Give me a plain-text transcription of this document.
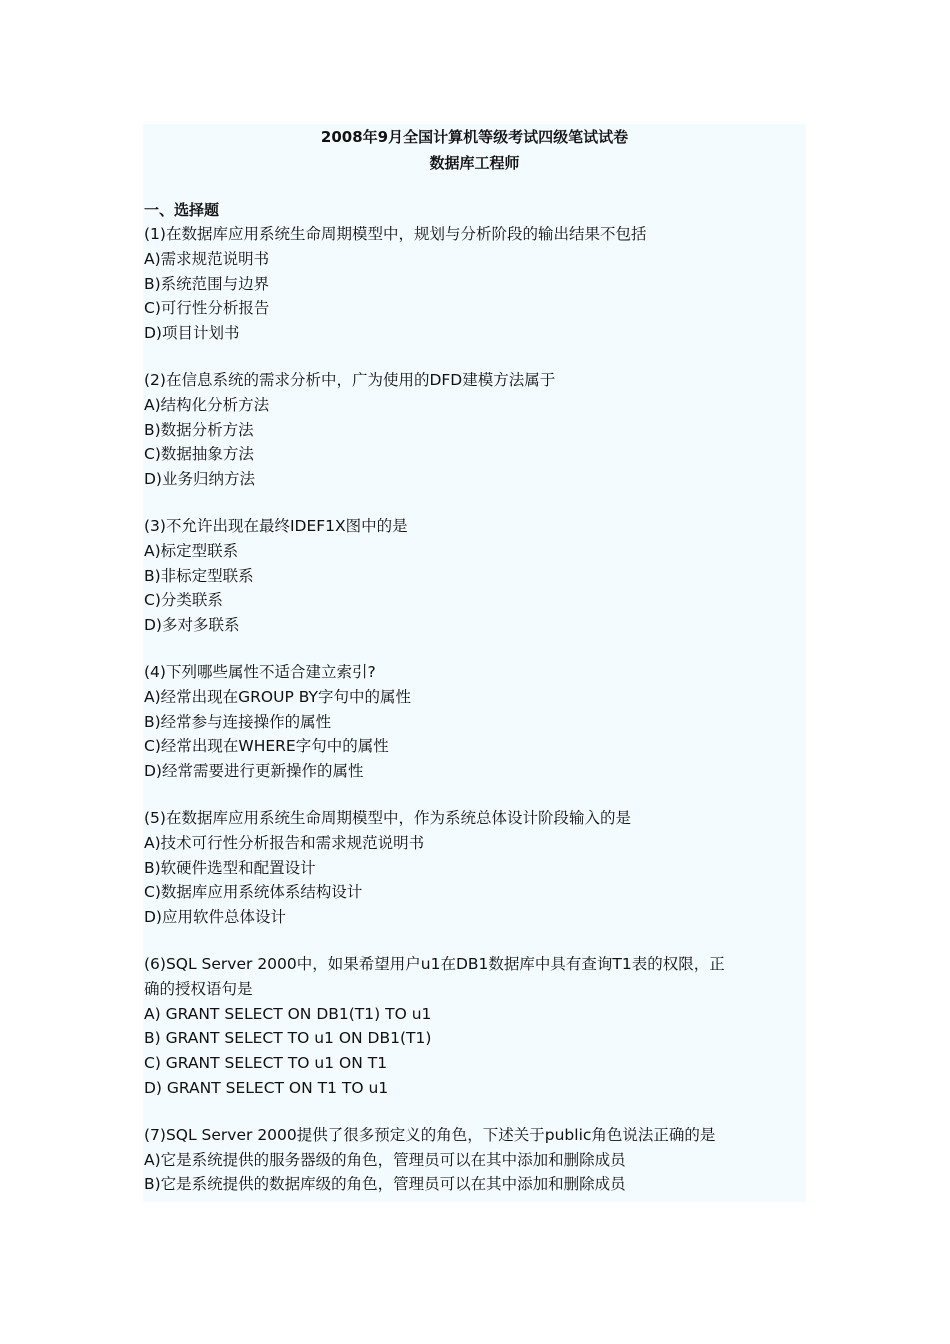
2008年9月全国计算机等级考试四级笔试试卷
数据库工程师
一、选择题
(1)在数据库应用系统生命周期模型中，规划与分析阶段的输出结果不包括
A)需求规范说明书
B)系统范围与边界
C)可行性分析报告
D)项目计划书
(2)在信息系统的需求分析中，广为使用的DFD建模方法属于
A)结构化分析方法
B)数据分析方法
C)数据抽象方法
D)业务归纳方法
(3)不允许出现在最终IDEF1X图中的是
A)标定型联系
B)非标定型联系
C)分类联系
D)多对多联系
(4)下列哪些属性不适合建立索引?
A)经常出现在GROUP BY字句中的属性
B)经常参与连接操作的属性
C)经常出现在WHERE字句中的属性
D)经常需要进行更新操作的属性
(5)在数据库应用系统生命周期模型中，作为系统总体设计阶段输入的是
A)技术可行性分析报告和需求规范说明书
B)软硬件选型和配置设计
C)数据库应用系统体系结构设计
D)应用软件总体设计
(6)SQL Server 2000中，如果希望用户u1在DB1数据库中具有查询T1表的权限，正
确的授权语句是
A) GRANT SELECT ON DB1(T1) TO u1
B) GRANT SELECT TO u1 ON DB1(T1)
C) GRANT SELECT TO u1 ON T1
D) GRANT SELECT ON T1 TO u1
(7)SQL Server 2000提供了很多预定义的角色，下述关于public角色说法正确的是
A)它是系统提供的服务器级的角色，管理员可以在其中添加和删除成员
B)它是系统提供的数据库级的角色，管理员可以在其中添加和删除成员
